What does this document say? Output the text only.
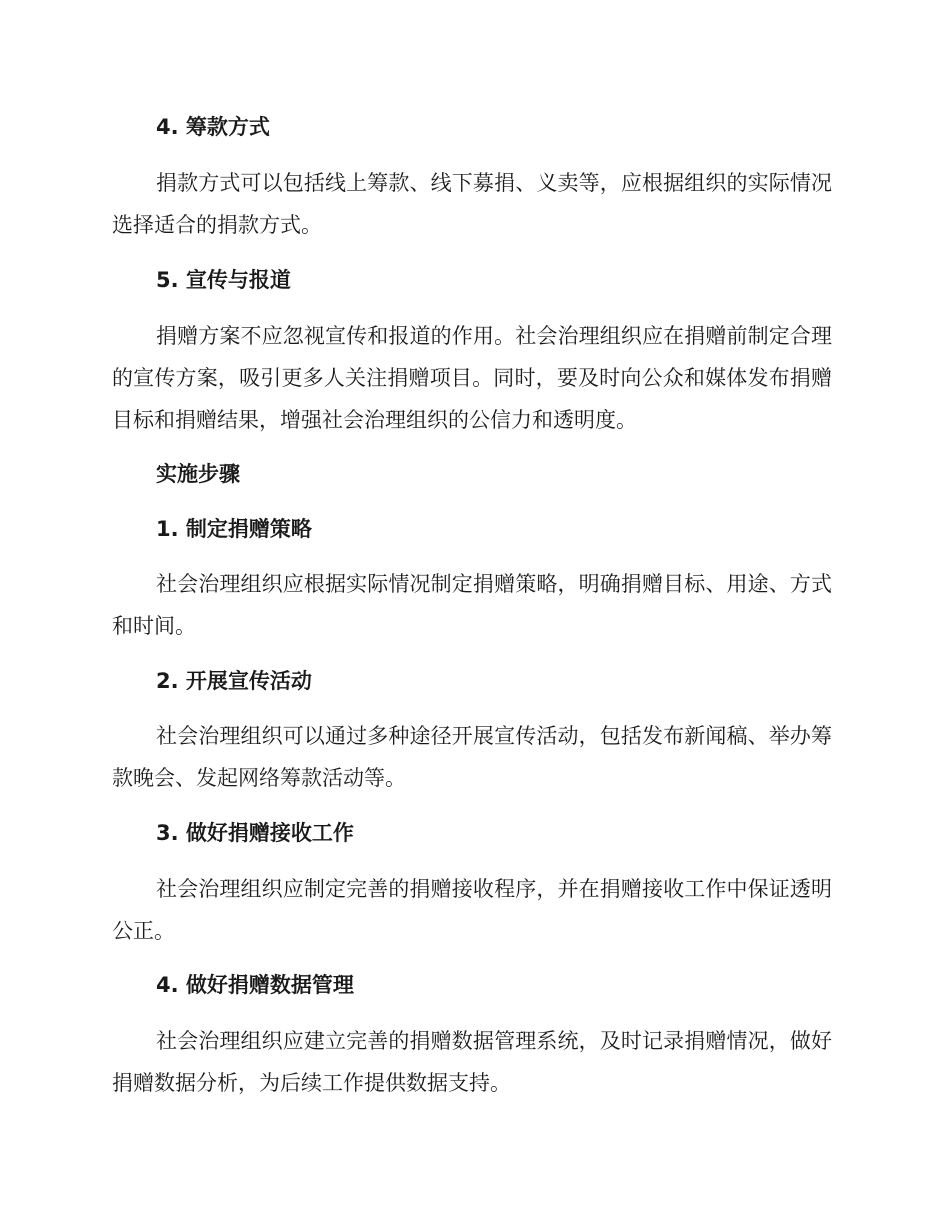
4. 筹款方式

捐款方式可以包括线上筹款、线下募捐、义卖等，应根据组织的实际情况选择适合的捐款方式。

5. 宣传与报道

捐赠方案不应忽视宣传和报道的作用。社会治理组织应在捐赠前制定合理的宣传方案，吸引更多人关注捐赠项目。同时，要及时向公众和媒体发布捐赠目标和捐赠结果，增强社会治理组织的公信力和透明度。

实施步骤
1. 制定捐赠策略

社会治理组织应根据实际情况制定捐赠策略，明确捐赠目标、用途、方式和时间。

2. 开展宣传活动

社会治理组织可以通过多种途径开展宣传活动，包括发布新闻稿、举办筹款晚会、发起网络筹款活动等。

3. 做好捐赠接收工作

社会治理组织应制定完善的捐赠接收程序，并在捐赠接收工作中保证透明公正。

4. 做好捐赠数据管理

社会治理组织应建立完善的捐赠数据管理系统，及时记录捐赠情况，做好捐赠数据分析，为后续工作提供数据支持。
